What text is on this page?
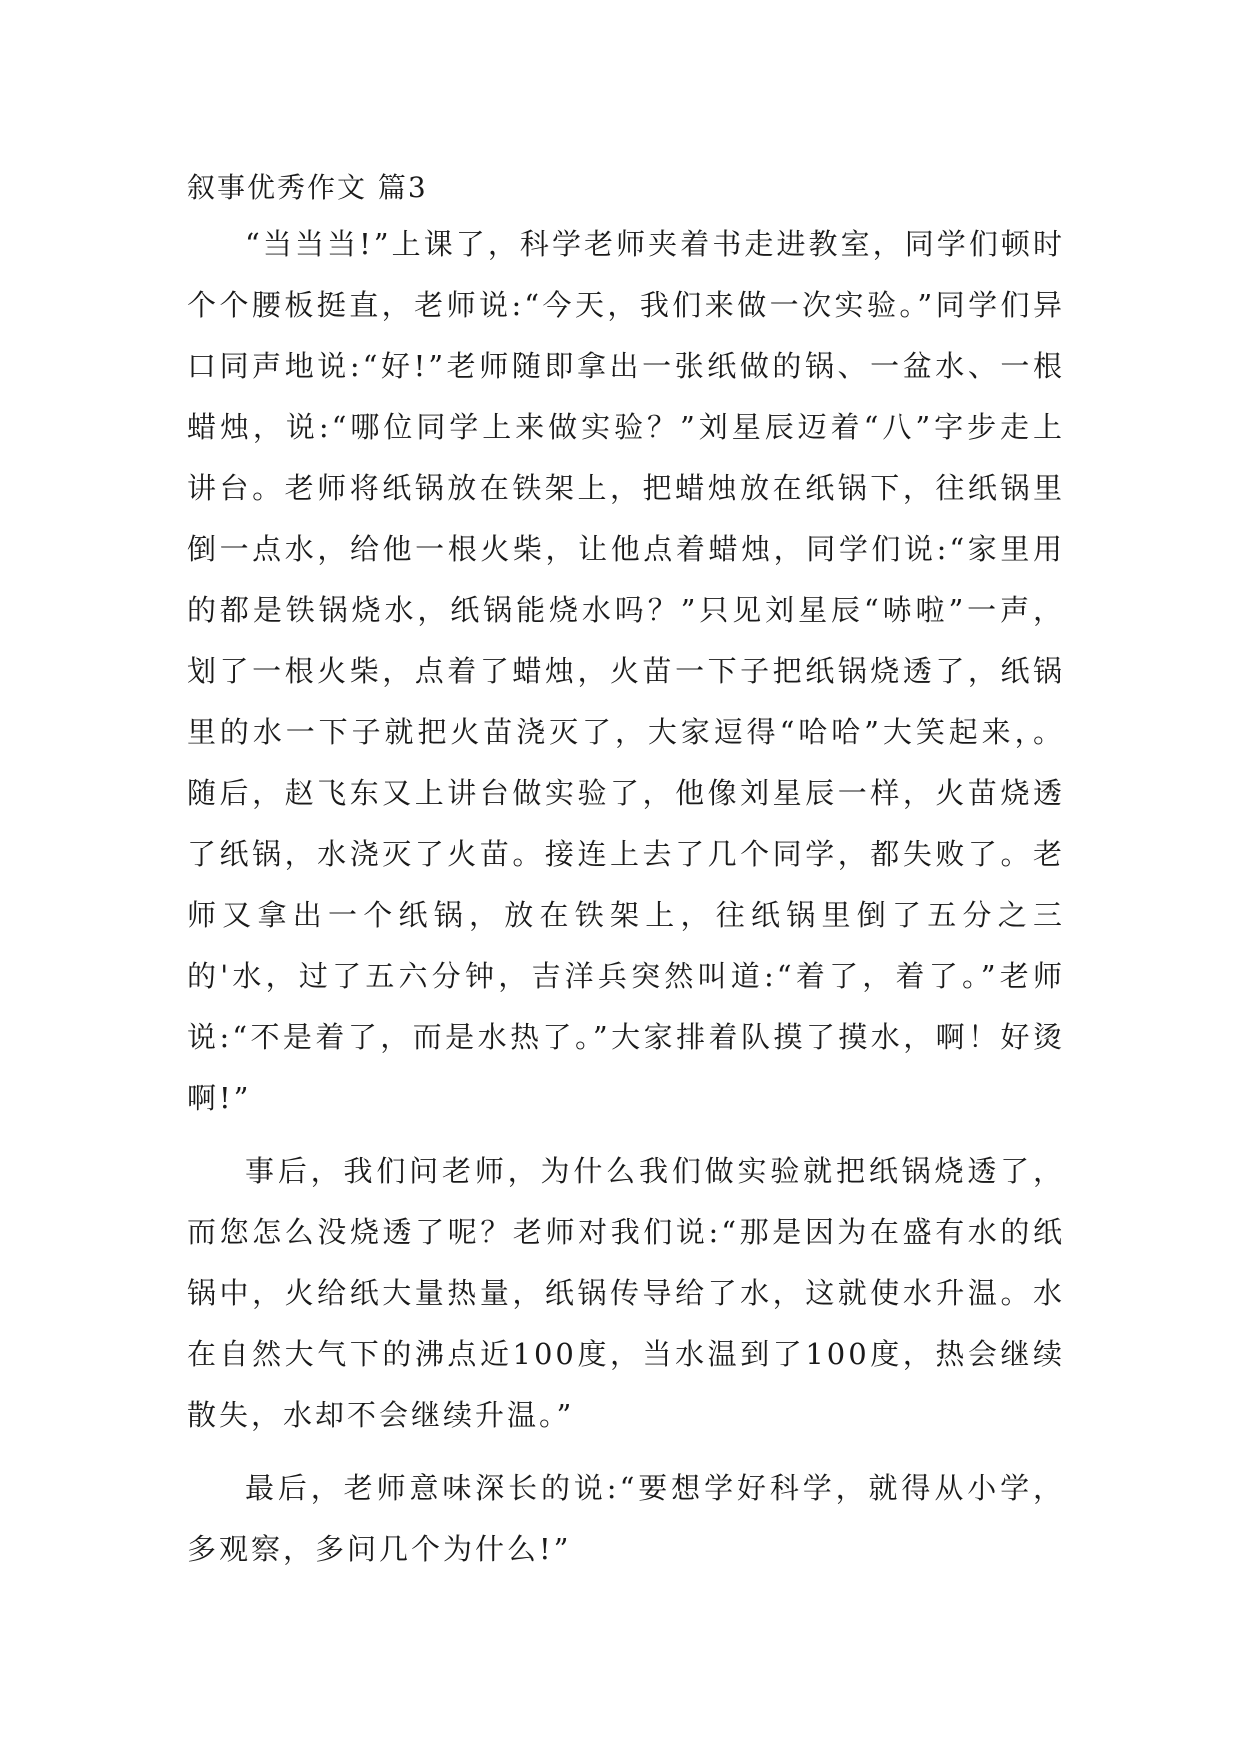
叙事优秀作文 篇3

“当当当!”上课了，科学老师夹着书走进教室，同学们顿时个个腰板挺直，老师说:“今天，我们来做一次实验。”同学们异口同声地说:“好!”老师随即拿出一张纸做的锅、一盆水、一根蜡烛，说:“哪位同学上来做实验？”刘星辰迈着“八”字步走上讲台。老师将纸锅放在铁架上，把蜡烛放在纸锅下，往纸锅里倒一点水，给他一根火柴，让他点着蜡烛，同学们说:“家里用的都是铁锅烧水，纸锅能烧水吗？”只见刘星辰“哧啦”一声，划了一根火柴，点着了蜡烛，火苗一下子把纸锅烧透了，纸锅里的水一下子就把火苗浇灭了，大家逗得“哈哈”大笑起来，。随后，赵飞东又上讲台做实验了，他像刘星辰一样，火苗烧透了纸锅，水浇灭了火苗。接连上去了几个同学，都失败了。老师又拿出一个纸锅，放在铁架上，往纸锅里倒了五分之三的'水，过了五六分钟，吉洋兵突然叫道:“着了，着了。”老师说:“不是着了，而是水热了。”大家排着队摸了摸水，啊！好烫啊!”

事后，我们问老师，为什么我们做实验就把纸锅烧透了，而您怎么没烧透了呢？老师对我们说:“那是因为在盛有水的纸锅中，火给纸大量热量，纸锅传导给了水，这就使水升温。水在自然大气下的沸点近100度，当水温到了100度，热会继续散失，水却不会继续升温。”

最后，老师意味深长的说:“要想学好科学，就得从小学，多观察，多问几个为什么!”
